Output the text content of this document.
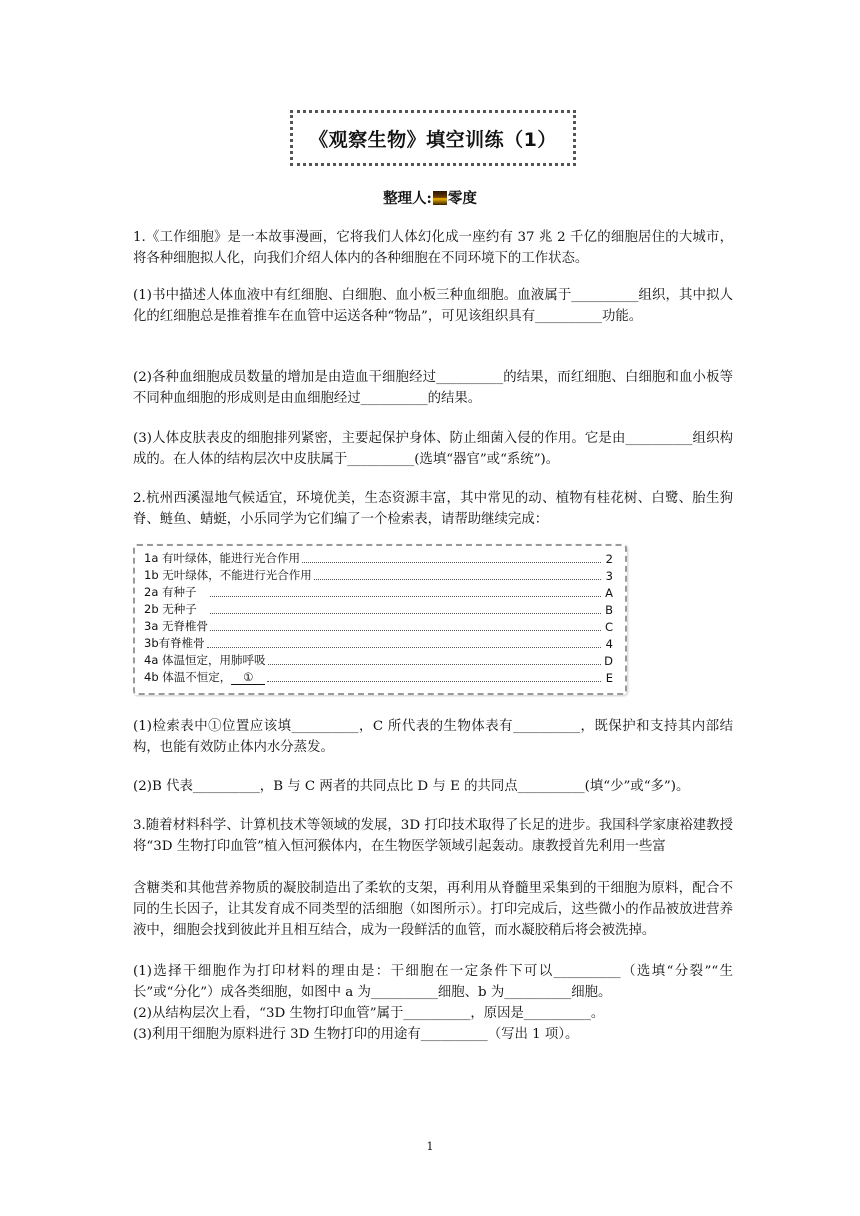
《观察生物》填空训练（1）
整理人: 零度

1.《工作细胞》是一本故事漫画，它将我们人体幻化成一座约有 37 兆 2 千亿的细胞居住的大城市，将各种细胞拟人化，向我们介绍人体内的各种细胞在不同环境下的工作状态。

(1)书中描述人体血液中有红细胞、白细胞、血小板三种血细胞。血液属于__________组织，其中拟人化的红细胞总是推着推车在血管中运送各种“物品”，可见该组织具有__________功能。

(2)各种血细胞成员数量的增加是由造血干细胞经过__________的结果，而红细胞、白细胞和血小板等不同种血细胞的形成则是由血细胞经过__________的结果。

(3)人体皮肤表皮的细胞排列紧密，主要起保护身体、防止细菌入侵的作用。它是由__________组织构成的。在人体的结构层次中皮肤属于__________(选填“器官”或“系统”)。

2.杭州西溪湿地气候适宜，环境优美，生态资源丰富，其中常见的动、植物有桂花树、白鹭、胎生狗脊、鲢鱼、蜻蜓，小乐同学为它们编了一个检索表，请帮助继续完成：

1a 有叶绿体，能进行光合作用	2
1b 无叶绿体，不能进行光合作用	3
2a 有种子	A
2b 无种子	B
3a 无脊椎骨	C
3b有脊椎骨	4
4a 体温恒定，用肺呼吸	D
4b 体温不恒定，	①	E

(1)检索表中①位置应该填__________，C 所代表的生物体表有__________，既保护和支持其内部结构，也能有效防止体内水分蒸发。

(2)B 代表__________，B 与 C 两者的共同点比 D 与 E 的共同点__________(填“少”或“多”)。

3.随着材料科学、计算机技术等领域的发展，3D 打印技术取得了长足的进步。我国科学家康裕建教授将“3D 生物打印血管”植入恒河猴体内，在生物医学领域引起轰动。康教授首先利用一些富

含糖类和其他营养物质的凝胶制造出了柔软的支架，再利用从脊髓里采集到的干细胞为原料，配合不同的生长因子，让其发育成不同类型的活细胞（如图所示）。打印完成后，这些微小的作品被放进营养液中，细胞会找到彼此并且相互结合，成为一段鲜活的血管，而水凝胶稍后将会被洗掉。

(1)选择干细胞作为打印材料的理由是：干细胞在一定条件下可以__________（选填“分裂”“生长”或“分化”）成各类细胞，如图中 a 为__________细胞、b 为__________细胞。

(2)从结构层次上看，“3D 生物打印血管”属于__________，原因是__________。

(3)利用干细胞为原料进行 3D 生物打印的用途有__________（写出 1 项）。

1
